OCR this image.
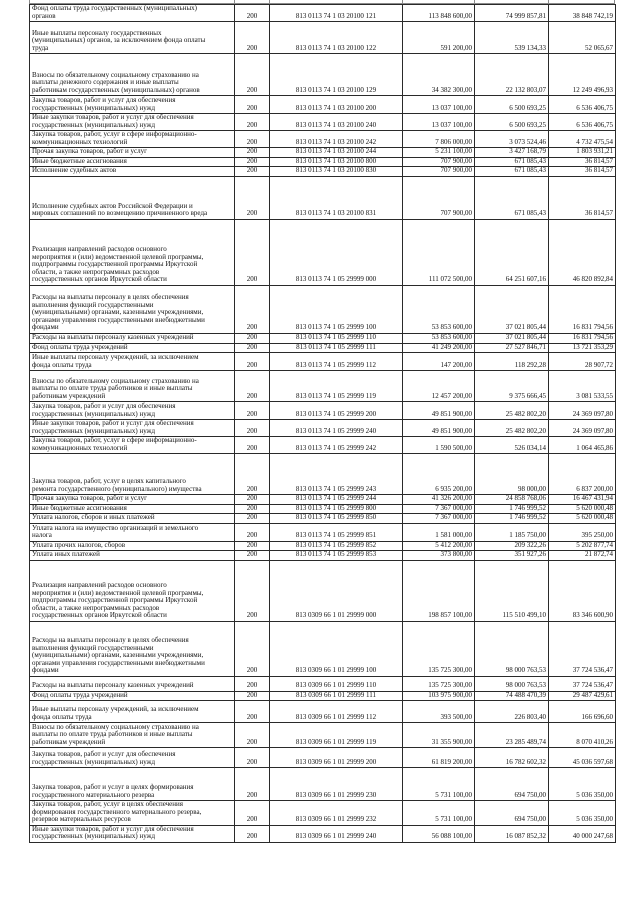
Фонд оплаты труда государственных (муниципальных)
органов	200	813 0113 74 1 03 20100 121	113 848 600,00	74 999 857,81	38 848 742,19

Иные выплаты персоналу государственных
(муниципальных) органов, за исключением фонда оплаты
труда	200	813 0113 74 1 03 20100 122	591 200,00	539 134,33	52 065,67

Взносы по обязательному социальному страхованию на
выплаты денежного содержания и иные выплаты
работникам государственных (муниципальных) органов	200	813 0113 74 1 03 20100 129	34 382 300,00	22 132 803,07	12 249 496,93

Закупка товаров, работ и услуг для обеспечения
государственных (муниципальных) нужд	200	813 0113 74 1 03 20100 200	13 037 100,00	6 500 693,25	6 536 406,75

Иные закупки товаров, работ и услуг для обеспечения
государственных (муниципальных) нужд	200	813 0113 74 1 03 20100 240	13 037 100,00	6 500 693,25	6 536 406,75

Закупка товаров, работ, услуг в сфере информационно-
коммуникационных технологий	200	813 0113 74 1 03 20100 242	7 806 000,00	3 073 524,46	4 732 475,54

Прочая закупка товаров, работ и услуг	200	813 0113 74 1 03 20100 244	5 231 100,00	3 427 168,79	1 803 931,21

Иные бюджетные ассигнования	200	813 0113 74 1 03 20100 800	707 900,00	671 085,43	36 814,57

Исполнение судебных актов	200	813 0113 74 1 03 20100 830	707 900,00	671 085,43	36 814,57

Исполнение судебных актов Российской Федерации и
мировых соглашений по возмещению причиненного вреда	200	813 0113 74 1 03 20100 831	707 900,00	671 085,43	36 814,57

Реализация направлений расходов основного
мероприятия и (или) ведомственной целевой программы,
подпрограммы государственной программы Иркутской
области, а также непрограммных расходов
государственных органов Иркутской области	200	813 0113 74 1 05 29999 000	111 072 500,00	64 251 607,16	46 820 892,84

Расходы на выплаты персоналу в целях обеспечения
выполнения функций государственными
(муниципальными) органами, казенными учреждениями,
органами управления государственными внебюджетными
фондами	200	813 0113 74 1 05 29999 100	53 853 600,00	37 021 805,44	16 831 794,56

Расходы на выплаты персоналу казенных учреждений	200	813 0113 74 1 05 29999 110	53 853 600,00	37 021 805,44	16 831 794,56

Фонд оплаты труда учреждений	200	813 0113 74 1 05 29999 111	41 249 200,00	27 527 846,71	13 721 353,29

Иные выплаты персоналу учреждений, за исключением
фонда оплаты труда	200	813 0113 74 1 05 29999 112	147 200,00	118 292,28	28 907,72

Взносы по обязательному социальному страхованию на
выплаты по оплате труда работников и иные выплаты
работникам учреждений	200	813 0113 74 1 05 29999 119	12 457 200,00	9 375 666,45	3 081 533,55

Закупка товаров, работ и услуг для обеспечения
государственных (муниципальных) нужд	200	813 0113 74 1 05 29999 200	49 851 900,00	25 482 802,20	24 369 097,80

Иные закупки товаров, работ и услуг для обеспечения
государственных (муниципальных) нужд	200	813 0113 74 1 05 29999 240	49 851 900,00	25 482 802,20	24 369 097,80

Закупка товаров, работ, услуг в сфере информационно-
коммуникационных технологий	200	813 0113 74 1 05 29999 242	1 590 500,00	526 034,14	1 064 465,86

Закупка товаров, работ, услуг в целях капитального
ремонта государственного (муниципального) имущества	200	813 0113 74 1 05 29999 243	6 935 200,00	98 000,00	6 837 200,00

Прочая закупка товаров, работ и услуг	200	813 0113 74 1 05 29999 244	41 326 200,00	24 858 768,06	16 467 431,94

Иные бюджетные ассигнования	200	813 0113 74 1 05 29999 800	7 367 000,00	1 746 999,52	5 620 000,48

Уплата налогов, сборов и иных платежей	200	813 0113 74 1 05 29999 850	7 367 000,00	1 746 999,52	5 620 000,48

Уплата налога на имущество организаций и земельного
налога	200	813 0113 74 1 05 29999 851	1 581 000,00	1 185 750,00	395 250,00

Уплата прочих налогов, сборов	200	813 0113 74 1 05 29999 852	5 412 200,00	209 322,26	5 202 877,74

Уплата иных платежей	200	813 0113 74 1 05 29999 853	373 800,00	351 927,26	21 872,74

Реализация направлений расходов основного
мероприятия и (или) ведомственной целевой программы,
подпрограммы государственной программы Иркутской
области, а также непрограммных расходов
государственных органов Иркутской области	200	813 0309 66 1 01 29999 000	198 857 100,00	115 510 499,10	83 346 600,90

Расходы на выплаты персоналу в целях обеспечения
выполнения функций государственными
(муниципальными) органами, казенными учреждениями,
органами управления государственными внебюджетными
фондами	200	813 0309 66 1 01 29999 100	135 725 300,00	98 000 763,53	37 724 536,47

Расходы на выплаты персоналу казенных учреждений	200	813 0309 66 1 01 29999 110	135 725 300,00	98 000 763,53	37 724 536,47

Фонд оплаты труда учреждений	200	813 0309 66 1 01 29999 111	103 975 900,00	74 488 470,39	29 487 429,61

Иные выплаты персоналу учреждений, за исключением
фонда оплаты труда	200	813 0309 66 1 01 29999 112	393 500,00	226 803,40	166 696,60

Взносы по обязательному социальному страхованию на
выплаты по оплате труда работников и иные выплаты
работникам учреждений	200	813 0309 66 1 01 29999 119	31 355 900,00	23 285 489,74	8 070 410,26

Закупка товаров, работ и услуг для обеспечения
государственных (муниципальных) нужд	200	813 0309 66 1 01 29999 200	61 819 200,00	16 782 602,32	45 036 597,68

Закупка товаров, работ и услуг в целях формирования
государственного материального резерва	200	813 0309 66 1 01 29999 230	5 731 100,00	694 750,00	5 036 350,00

Закупка товаров, работ, услуг в целях обеспечения
формирования государственного материального резерва,
резервов материальных ресурсов	200	813 0309 66 1 01 29999 232	5 731 100,00	694 750,00	5 036 350,00

Иные закупки товаров, работ и услуг для обеспечения
государственных (муниципальных) нужд	200	813 0309 66 1 01 29999 240	56 088 100,00	16 087 852,32	40 000 247,68
